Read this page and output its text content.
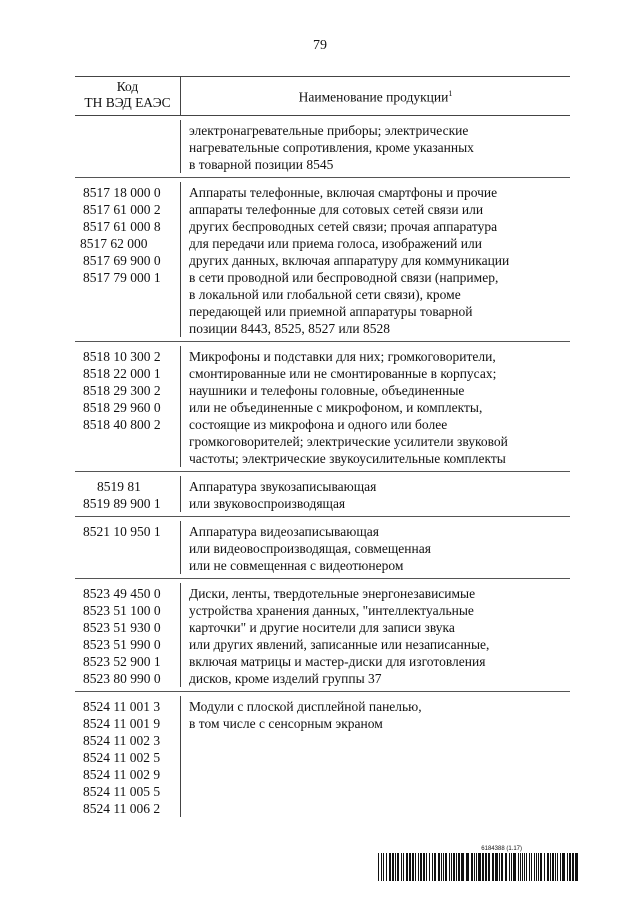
79
Код
ТН ВЭД ЕАЭС	Наименование продукции$^1$
электронагревательные приборы; электрические
нагревательные сопротивления, кроме указанных
в товарной позиции 8545
8517 18 000 0
8517 61 000 2
8517 61 000 8
8517 62 000
8517 69 900 0
8517 79 000 1
Аппараты телефонные, включая смартфоны и прочие
аппараты телефонные для сотовых сетей связи или
других беспроводных сетей связи; прочая аппаратура
для передачи или приема голоса, изображений или
других данных, включая аппаратуру для коммуникации
в сети проводной или беспроводной связи (например,
в локальной или глобальной сети связи), кроме
передающей или приемной аппаратуры товарной
позиции 8443, 8525, 8527 или 8528
8518 10 300 2
8518 22 000 1
8518 29 300 2
8518 29 960 0
8518 40 800 2
Микрофоны и подставки для них; громкоговорители,
смонтированные или не смонтированные в корпусах;
наушники и телефоны головные, объединенные
или не объединенные с микрофоном, и комплекты,
состоящие из микрофона и одного или более
громкоговорителей; электрические усилители звуковой
частоты; электрические звукоусилительные комплекты
8519 81
8519 89 900 1
Аппаратура звукозаписывающая
или звуковоспроизводящая
8521 10 950 1	Аппаратура видеозаписывающая
или видеовоспроизводящая, совмещенная
или не совмещенная с видеотюнером
8523 49 450 0
8523 51 100 0
8523 51 930 0
8523 51 990 0
8523 52 900 1
8523 80 990 0
Диски, ленты, твердотельные энергонезависимые
устройства хранения данных, "интеллектуальные
карточки" и другие носители для записи звука
или других явлений, записанные или незаписанные,
включая матрицы и мастер-диски для изготовления
дисков, кроме изделий группы 37
8524 11 001 3
8524 11 001 9
8524 11 002 3
8524 11 002 5
8524 11 002 9
8524 11 005 5
8524 11 006 2
Модули с плоской дисплейной панелью,
в том числе с сенсорным экраном
6184388 (1.17)
